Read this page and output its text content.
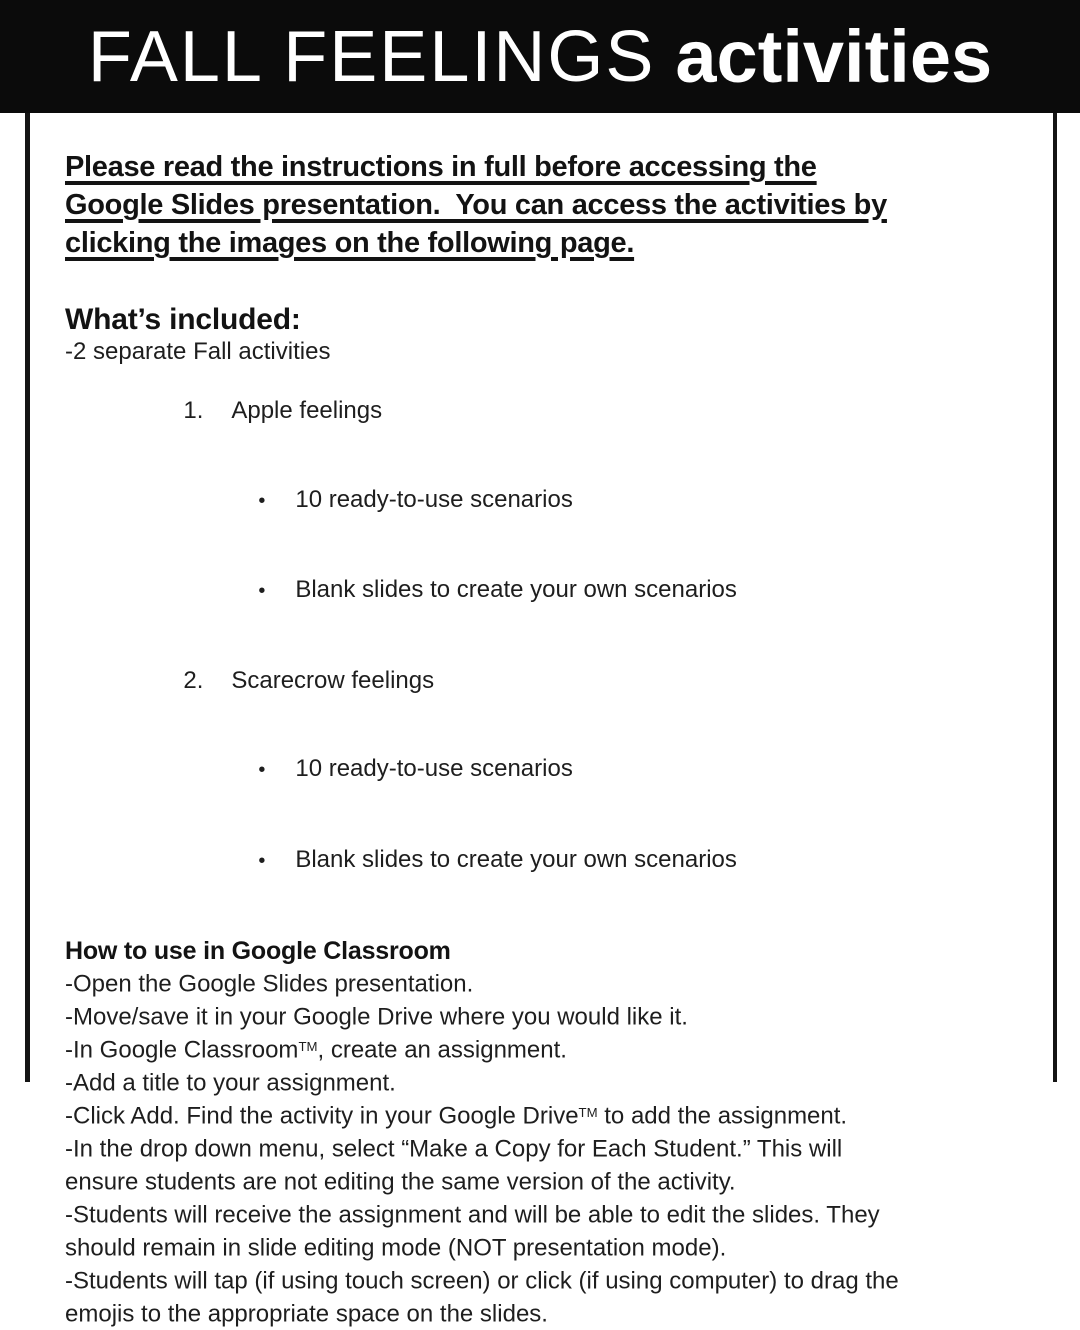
FALL FEELINGS activities
Please read the instructions in full before accessing the
Google Slides presentation.  You can access the activities by
clicking the images on the following page.
What’s included:
-2 separate Fall activities

1. Apple feelings

• 10 ready-to-use scenarios

• Blank slides to create your own scenarios

2. Scarecrow feelings

• 10 ready-to-use scenarios

• Blank slides to create your own scenarios

How to use in Google Classroom
-Open the Google Slides presentation.
-Move/save it in your Google Drive where you would like it.
-In Google Classroom™, create an assignment.
-Add a title to your assignment.
-Click Add. Find the activity in your Google Drive™ to add the assignment.
-In the drop down menu, select “Make a Copy for Each Student.” This will
ensure students are not editing the same version of the activity.
-Students will receive the assignment and will be able to edit the slides. They
should remain in slide editing mode (NOT presentation mode).
-Students will tap (if using touch screen) or click (if using computer) to drag the
emojis to the appropriate space on the slides.
